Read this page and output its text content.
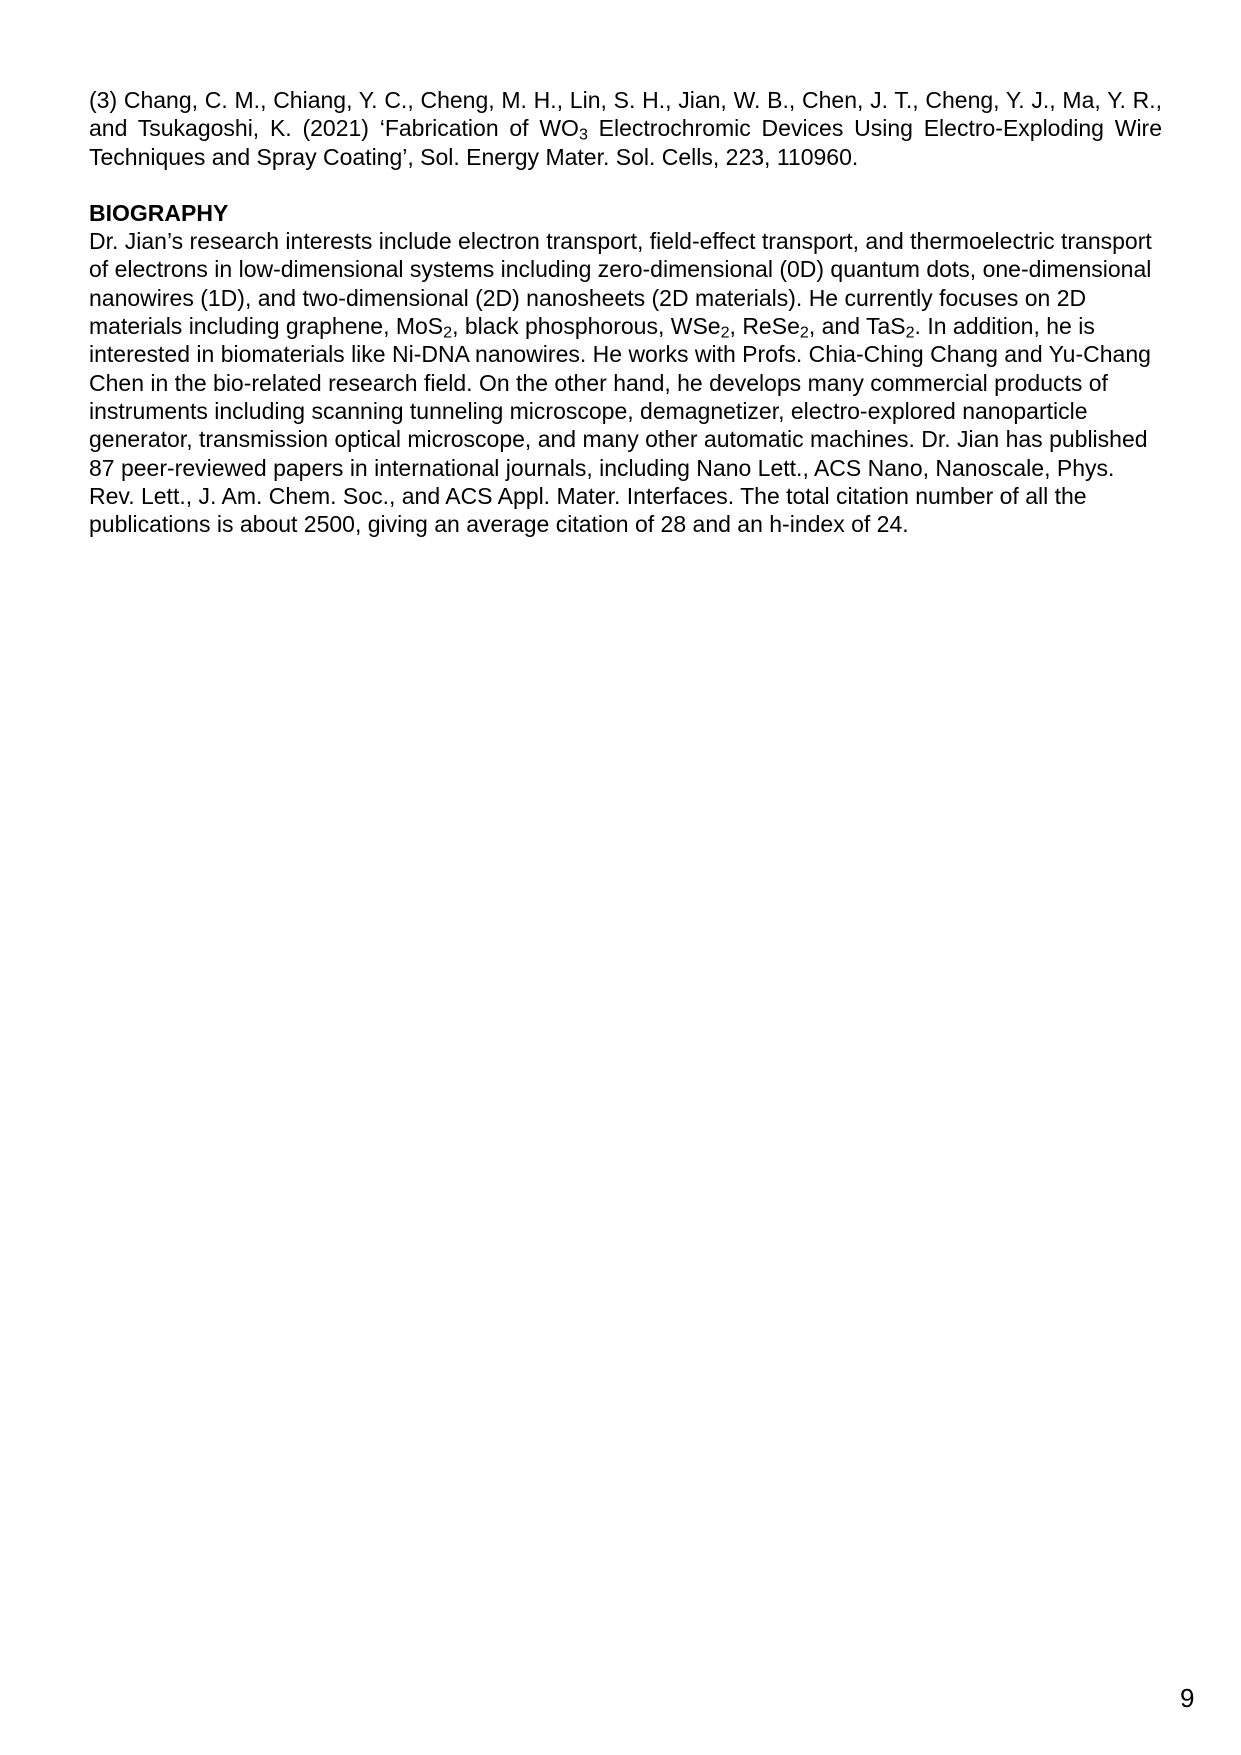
(3) Chang, C. M., Chiang, Y. C., Cheng, M. H., Lin, S. H., Jian, W. B., Chen, J. T., Cheng, Y. J., Ma, Y. R., and Tsukagoshi, K. (2021) ‘Fabrication of $WO_3$ Electrochromic Devices Using Electro-Exploding Wire Techniques and Spray Coating’, Sol. Energy Mater. Sol. Cells, 223, 110960.

BIOGRAPHY

Dr. Jian’s research interests include electron transport, field-effect transport, and thermoelectric transport of electrons in low-dimensional systems including zero-dimensional (0D) quantum dots, one-dimensional nanowires (1D), and two-dimensional (2D) nanosheets (2D materials). He currently focuses on 2D materials including graphene, MoS$_2$, black phosphorous, WSe$_2$, ReSe$_2$, and TaS$_2$. In addition, he is interested in biomaterials like Ni-DNA nanowires. He works with Profs. Chia-Ching Chang and Yu-Chang Chen in the bio-related research field. On the other hand, he develops many commercial products of instruments including scanning tunneling microscope, demagnetizer, electro-explored nanoparticle generator, transmission optical microscope, and many other automatic machines. Dr. Jian has published 87 peer-reviewed papers in international journals, including Nano Lett., ACS Nano, Nanoscale, Phys. Rev. Lett., J. Am. Chem. Soc., and ACS Appl. Mater. Interfaces. The total citation number of all the publications is about 2500, giving an average citation of 28 and an h-index of 24.

9
